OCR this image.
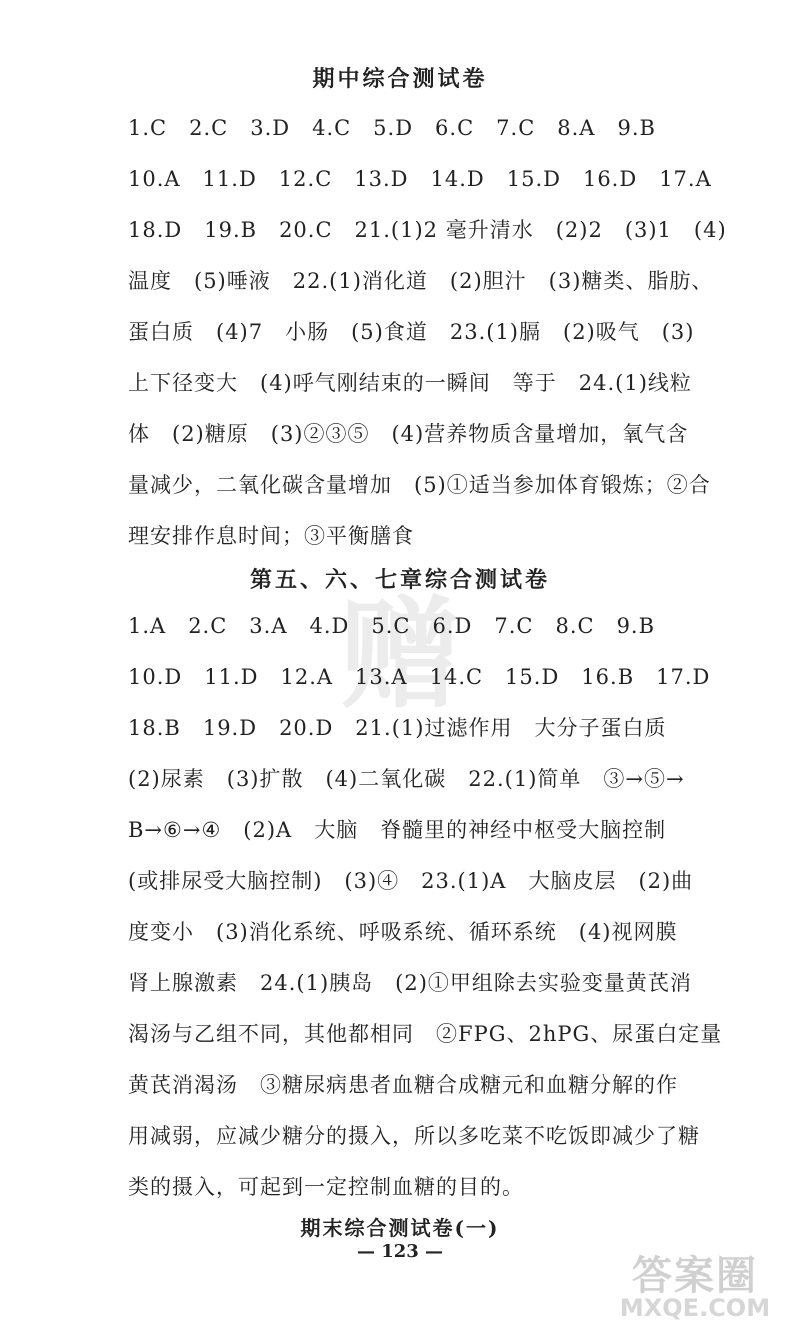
赠
期中综合测试卷
1.C　2.C　3.D　4.C　5.D　6.C　7.C　8.A　9.B
10.A　11.D　12.C　13.D　14.D　15.D　16.D　17.A
18.D　19.B　20.C　21.(1)2 毫升清水　(2)2　(3)1　(4)
温度　(5)唾液　22.(1)消化道　(2)胆汁　(3)糖类、脂肪、
蛋白质　(4)7　小肠　(5)食道　23.(1)膈　(2)吸气　(3)
上下径变大　(4)呼气刚结束的一瞬间　等于　24.(1)线粒
体　(2)糖原　(3)②③⑤　(4)营养物质含量增加，氧气含
量减少，二氧化碳含量增加　(5)①适当参加体育锻炼；②合
理安排作息时间；③平衡膳食
第五、六、七章综合测试卷
1.A　2.C　3.A　4.D　5.C　6.D　7.C　8.C　9.B
10.D　11.D　12.A　13.A　14.C　15.D　16.B　17.D
18.B　19.D　20.D　21.(1)过滤作用　大分子蛋白质
(2)尿素　(3)扩散　(4)二氧化碳　22.(1)简单　③→⑤→
B→⑥→④　(2)A　大脑　脊髓里的神经中枢受大脑控制
(或排尿受大脑控制)　(3)④　23.(1)A　大脑皮层　(2)曲
度变小　(3)消化系统、呼吸系统、循环系统　(4)视网膜
肾上腺激素　24.(1)胰岛　(2)①甲组除去实验变量黄芪消
渴汤与乙组不同，其他都相同　②FPG、2hPG、尿蛋白定量
黄芪消渴汤　③糖尿病患者血糖合成糖元和血糖分解的作
用减弱，应减少糖分的摄入，所以多吃菜不吃饭即减少了糖
类的摄入，可起到一定控制血糖的目的。
期末综合测试卷(一)
— 123 —
答案圈
MXQE.COM
